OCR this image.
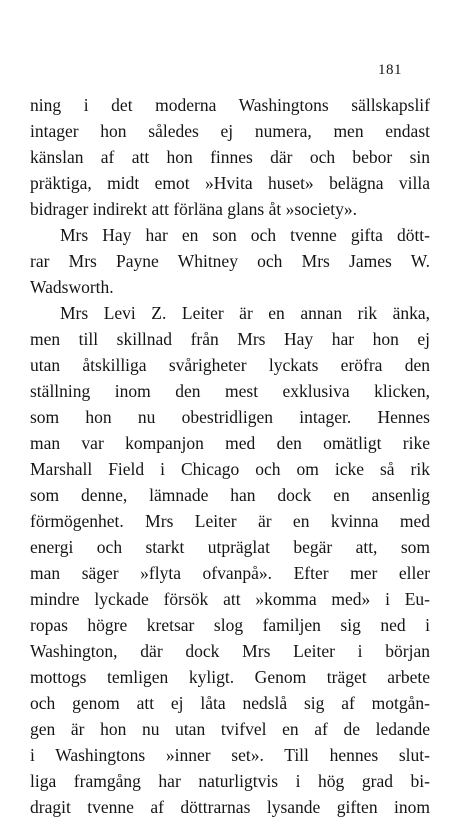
181
ning i det moderna Washingtons sällskapslif
intager hon således ej numera, men endast
känslan af att hon finnes där och bebor sin
präktiga, midt emot »Hvita huset» belägna villa
bidrager indirekt att förläna glans åt »society».
Mrs Hay har en son och tvenne gifta dött-
rar Mrs Payne Whitney och Mrs James W.
Wadsworth.
Mrs Levi Z. Leiter är en annan rik änka,
men till skillnad från Mrs Hay har hon ej
utan åtskilliga svårigheter lyckats eröfra den
ställning inom den mest exklusiva klicken,
som hon nu obestridligen intager. Hennes
man var kompanjon med den omätligt rike
Marshall Field i Chicago och om icke så rik
som denne, lämnade han dock en ansenlig
förmögenhet. Mrs Leiter är en kvinna med
energi och starkt utpräglat begär att, som
man säger »flyta ofvanpå». Efter mer eller
mindre lyckade försök att »komma med» i Eu-
ropas högre kretsar slog familjen sig ned i
Washington, där dock Mrs Leiter i början
mottogs temligen kyligt. Genom träget arbete
och genom att ej låta nedslå sig af motgån-
gen är hon nu utan tvifvel en af de ledande
i Washingtons »inner set». Till hennes slut-
liga framgång har naturligtvis i hög grad bi-
dragit tvenne af döttrarnas lysande giften inom
